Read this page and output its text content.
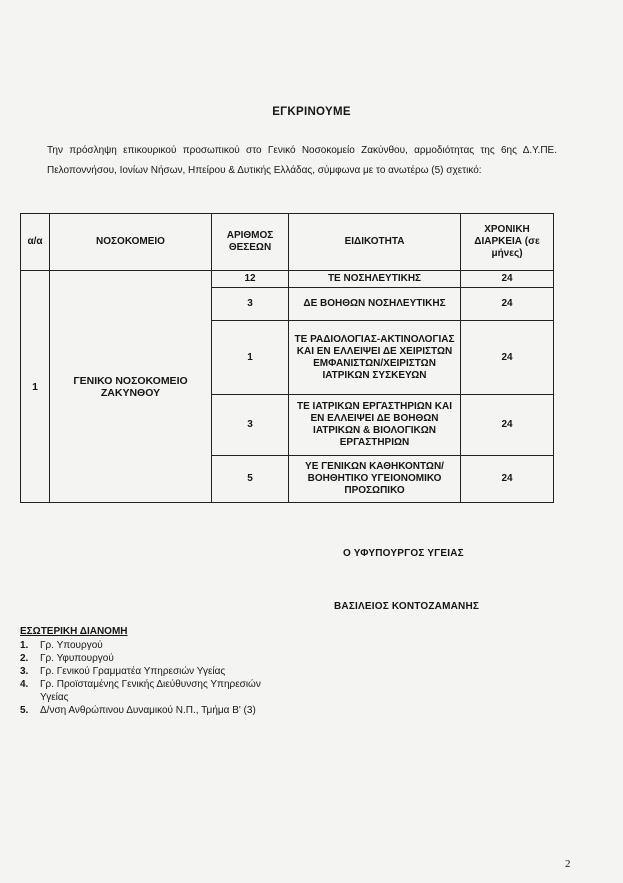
ΕΓΚΡΙΝΟΥΜΕ

Την πρόσληψη επικουρικού προσωπικού στο Γενικό Νοσοκομείο Ζακύνθου, αρμοδιότητας της 6ης Δ.Υ.ΠΕ. Πελοποννήσου, Ιονίων Νήσων, Ηπείρου & Δυτικής Ελλάδας, σύμφωνα με το ανωτέρω (5) σχετικό:

α/α	ΝΟΣΟΚΟΜΕΙΟ	ΑΡΙΘΜΟΣ ΘΕΣΕΩΝ	ΕΙΔΙΚΟΤΗΤΑ	ΧΡΟΝΙΚΗ ΔΙΑΡΚΕΙΑ (σε μήνες)
1	ΓΕΝΙΚΟ ΝΟΣΟΚΟΜΕΙΟ ΖΑΚΥΝΘΟΥ	12	ΤΕ ΝΟΣΗΛΕΥΤΙΚΗΣ	24
		3	ΔΕ ΒΟΗΘΩΝ ΝΟΣΗΛΕΥΤΙΚΗΣ	24
		1	ΤΕ ΡΑΔΙΟΛΟΓΙΑΣ-ΑΚΤΙΝΟΛΟΓΙΑΣ ΚΑΙ ΕΝ ΕΛΛΕΙΨΕΙ ΔΕ ΧΕΙΡΙΣΤΩΝ ΕΜΦΑΝΙΣΤΩΝ/ΧΕΙΡΙΣΤΩΝ ΙΑΤΡΙΚΩΝ ΣΥΣΚΕΥΩΝ	24
		3	ΤΕ ΙΑΤΡΙΚΩΝ ΕΡΓΑΣΤΗΡΙΩΝ ΚΑΙ ΕΝ ΕΛΛΕΙΨΕΙ ΔΕ ΒΟΗΘΩΝ ΙΑΤΡΙΚΩΝ & ΒΙΟΛΟΓΙΚΩΝ ΕΡΓΑΣΤΗΡΙΩΝ	24
		5	ΥΕ ΓΕΝΙΚΩΝ ΚΑΘΗΚΟΝΤΩΝ/ΒΟΗΘΗΤΙΚΟ ΥΓΕΙΟΝΟΜΙΚΟ ΠΡΟΣΩΠΙΚΟ	24
Ο ΥΦΥΠΟΥΡΓΟΣ ΥΓΕΙΑΣ
ΒΑΣΙΛΕΙΟΣ ΚΟΝΤΟΖΑΜΑΝΗΣ
ΕΣΩΤΕΡΙΚΗ ΔΙΑΝΟΜΗ
1.	Γρ. Υπουργού
2.	Γρ. Υφυπουργού
3.	Γρ. Γενικού Γραμματέα Υπηρεσιών Υγείας
4.	Γρ. Προϊσταμένης Γενικής Διεύθυνσης Υπηρεσιών Υγείας
5.	Δ/νση Ανθρώπινου Δυναμικού Ν.Π., Τμήμα Β' (3)
2
